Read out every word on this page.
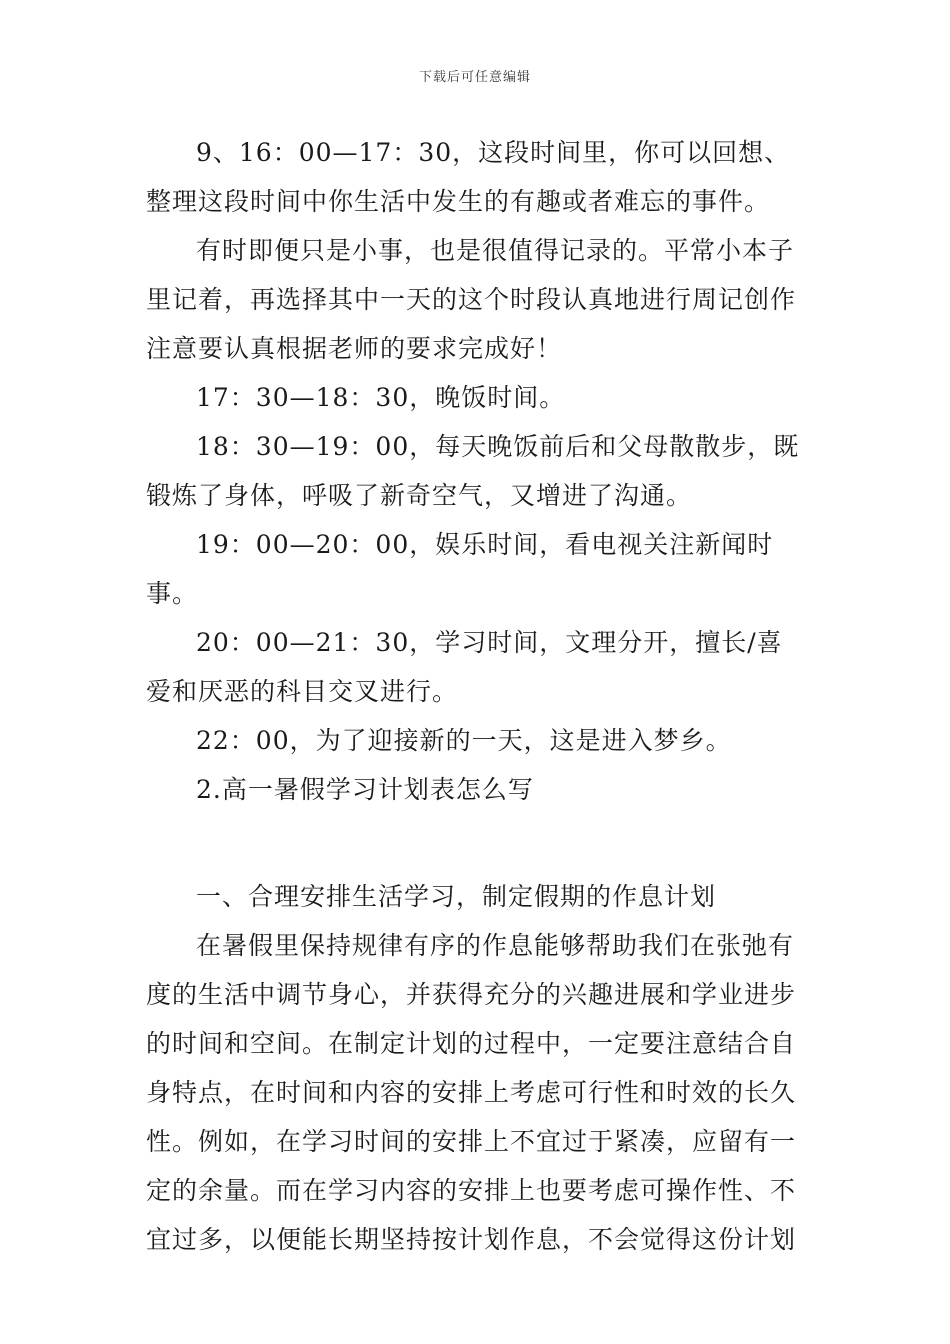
下载后可任意编辑

9、16：00—17：30，这段时间里，你可以回想、整理这段时间中你生活中发生的有趣或者难忘的事件。

有时即便只是小事，也是很值得记录的。平常小本子里记着，再选择其中一天的这个时段认真地进行周记创作注意要认真根据老师的要求完成好！

17：30—18：30，晚饭时间。

18：30—19：00，每天晚饭前后和父母散散步，既锻炼了身体，呼吸了新奇空气，又增进了沟通。

19：00—20：00，娱乐时间，看电视关注新闻时事。

20：00—21：30，学习时间，文理分开，擅长/喜爱和厌恶的科目交叉进行。

22：00，为了迎接新的一天，这是进入梦乡。

2.高一暑假学习计划表怎么写

一、合理安排生活学习，制定假期的作息计划

在暑假里保持规律有序的作息能够帮助我们在张弛有度的生活中调节身心，并获得充分的兴趣进展和学业进步的时间和空间。在制定计划的过程中，一定要注意结合自身特点，在时间和内容的安排上考虑可行性和时效的长久性。例如，在学习时间的安排上不宜过于紧凑，应留有一定的余量。而在学习内容的安排上也要考虑可操作性、不宜过多，以便能长期坚持按计划作息，不会觉得这份计划
